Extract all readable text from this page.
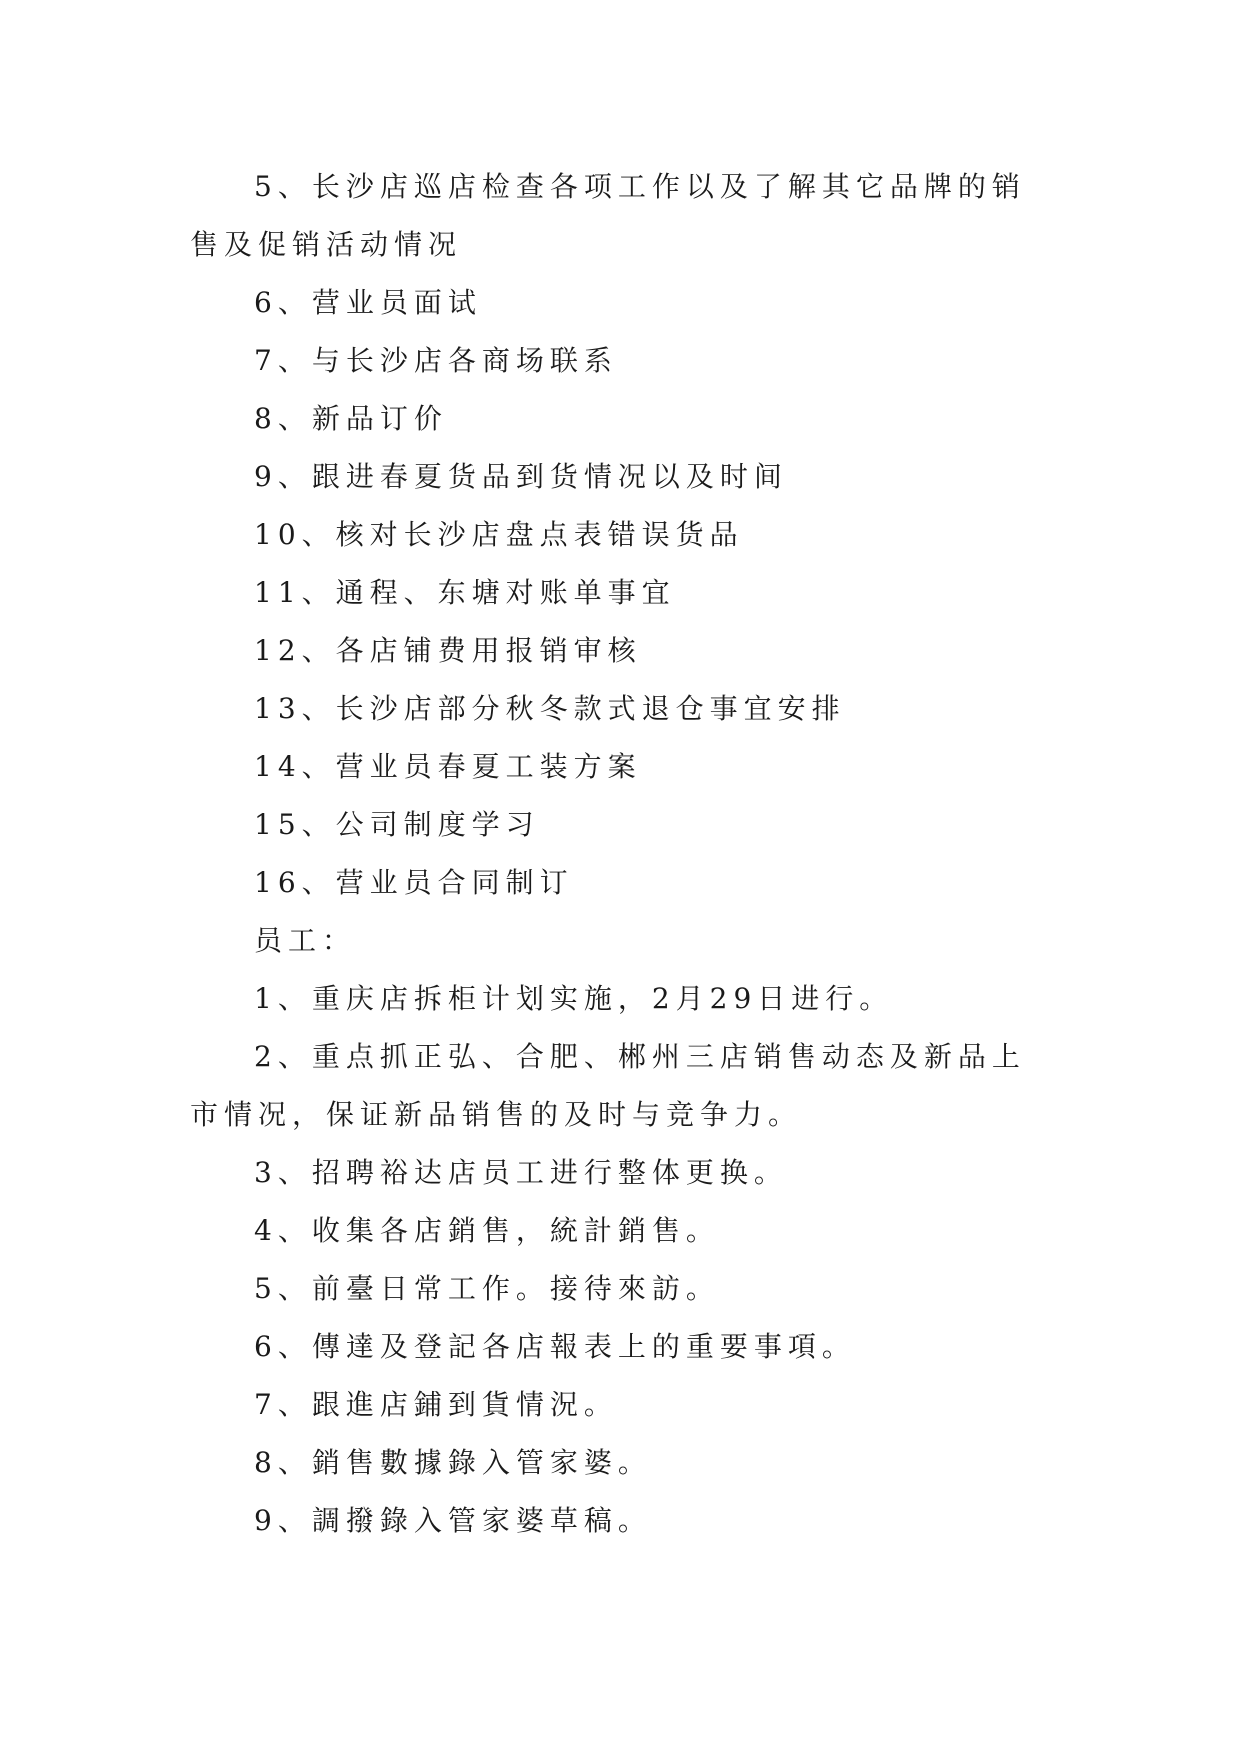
5、长沙店巡店检查各项工作以及了解其它品牌的销售及促销活动情况

6、营业员面试

7、与长沙店各商场联系

8、新品订价

9、跟进春夏货品到货情况以及时间

10、核对长沙店盘点表错误货品

11、通程、东塘对账单事宜

12、各店铺费用报销审核

13、长沙店部分秋冬款式退仓事宜安排

14、营业员春夏工装方案

15、公司制度学习

16、营业员合同制订

员工：

1、重庆店拆柜计划实施，2月29日进行。

2、重点抓正弘、合肥、郴州三店销售动态及新品上市情况，保证新品销售的及时与竞争力。

3、招聘裕达店员工进行整体更换。

4、收集各店銷售，統計銷售。

5、前臺日常工作。接待來訪。

6、傳達及登記各店報表上的重要事項。

7、跟進店鋪到貨情況。

8、銷售數據錄入管家婆。

9、調撥錄入管家婆草稿。
